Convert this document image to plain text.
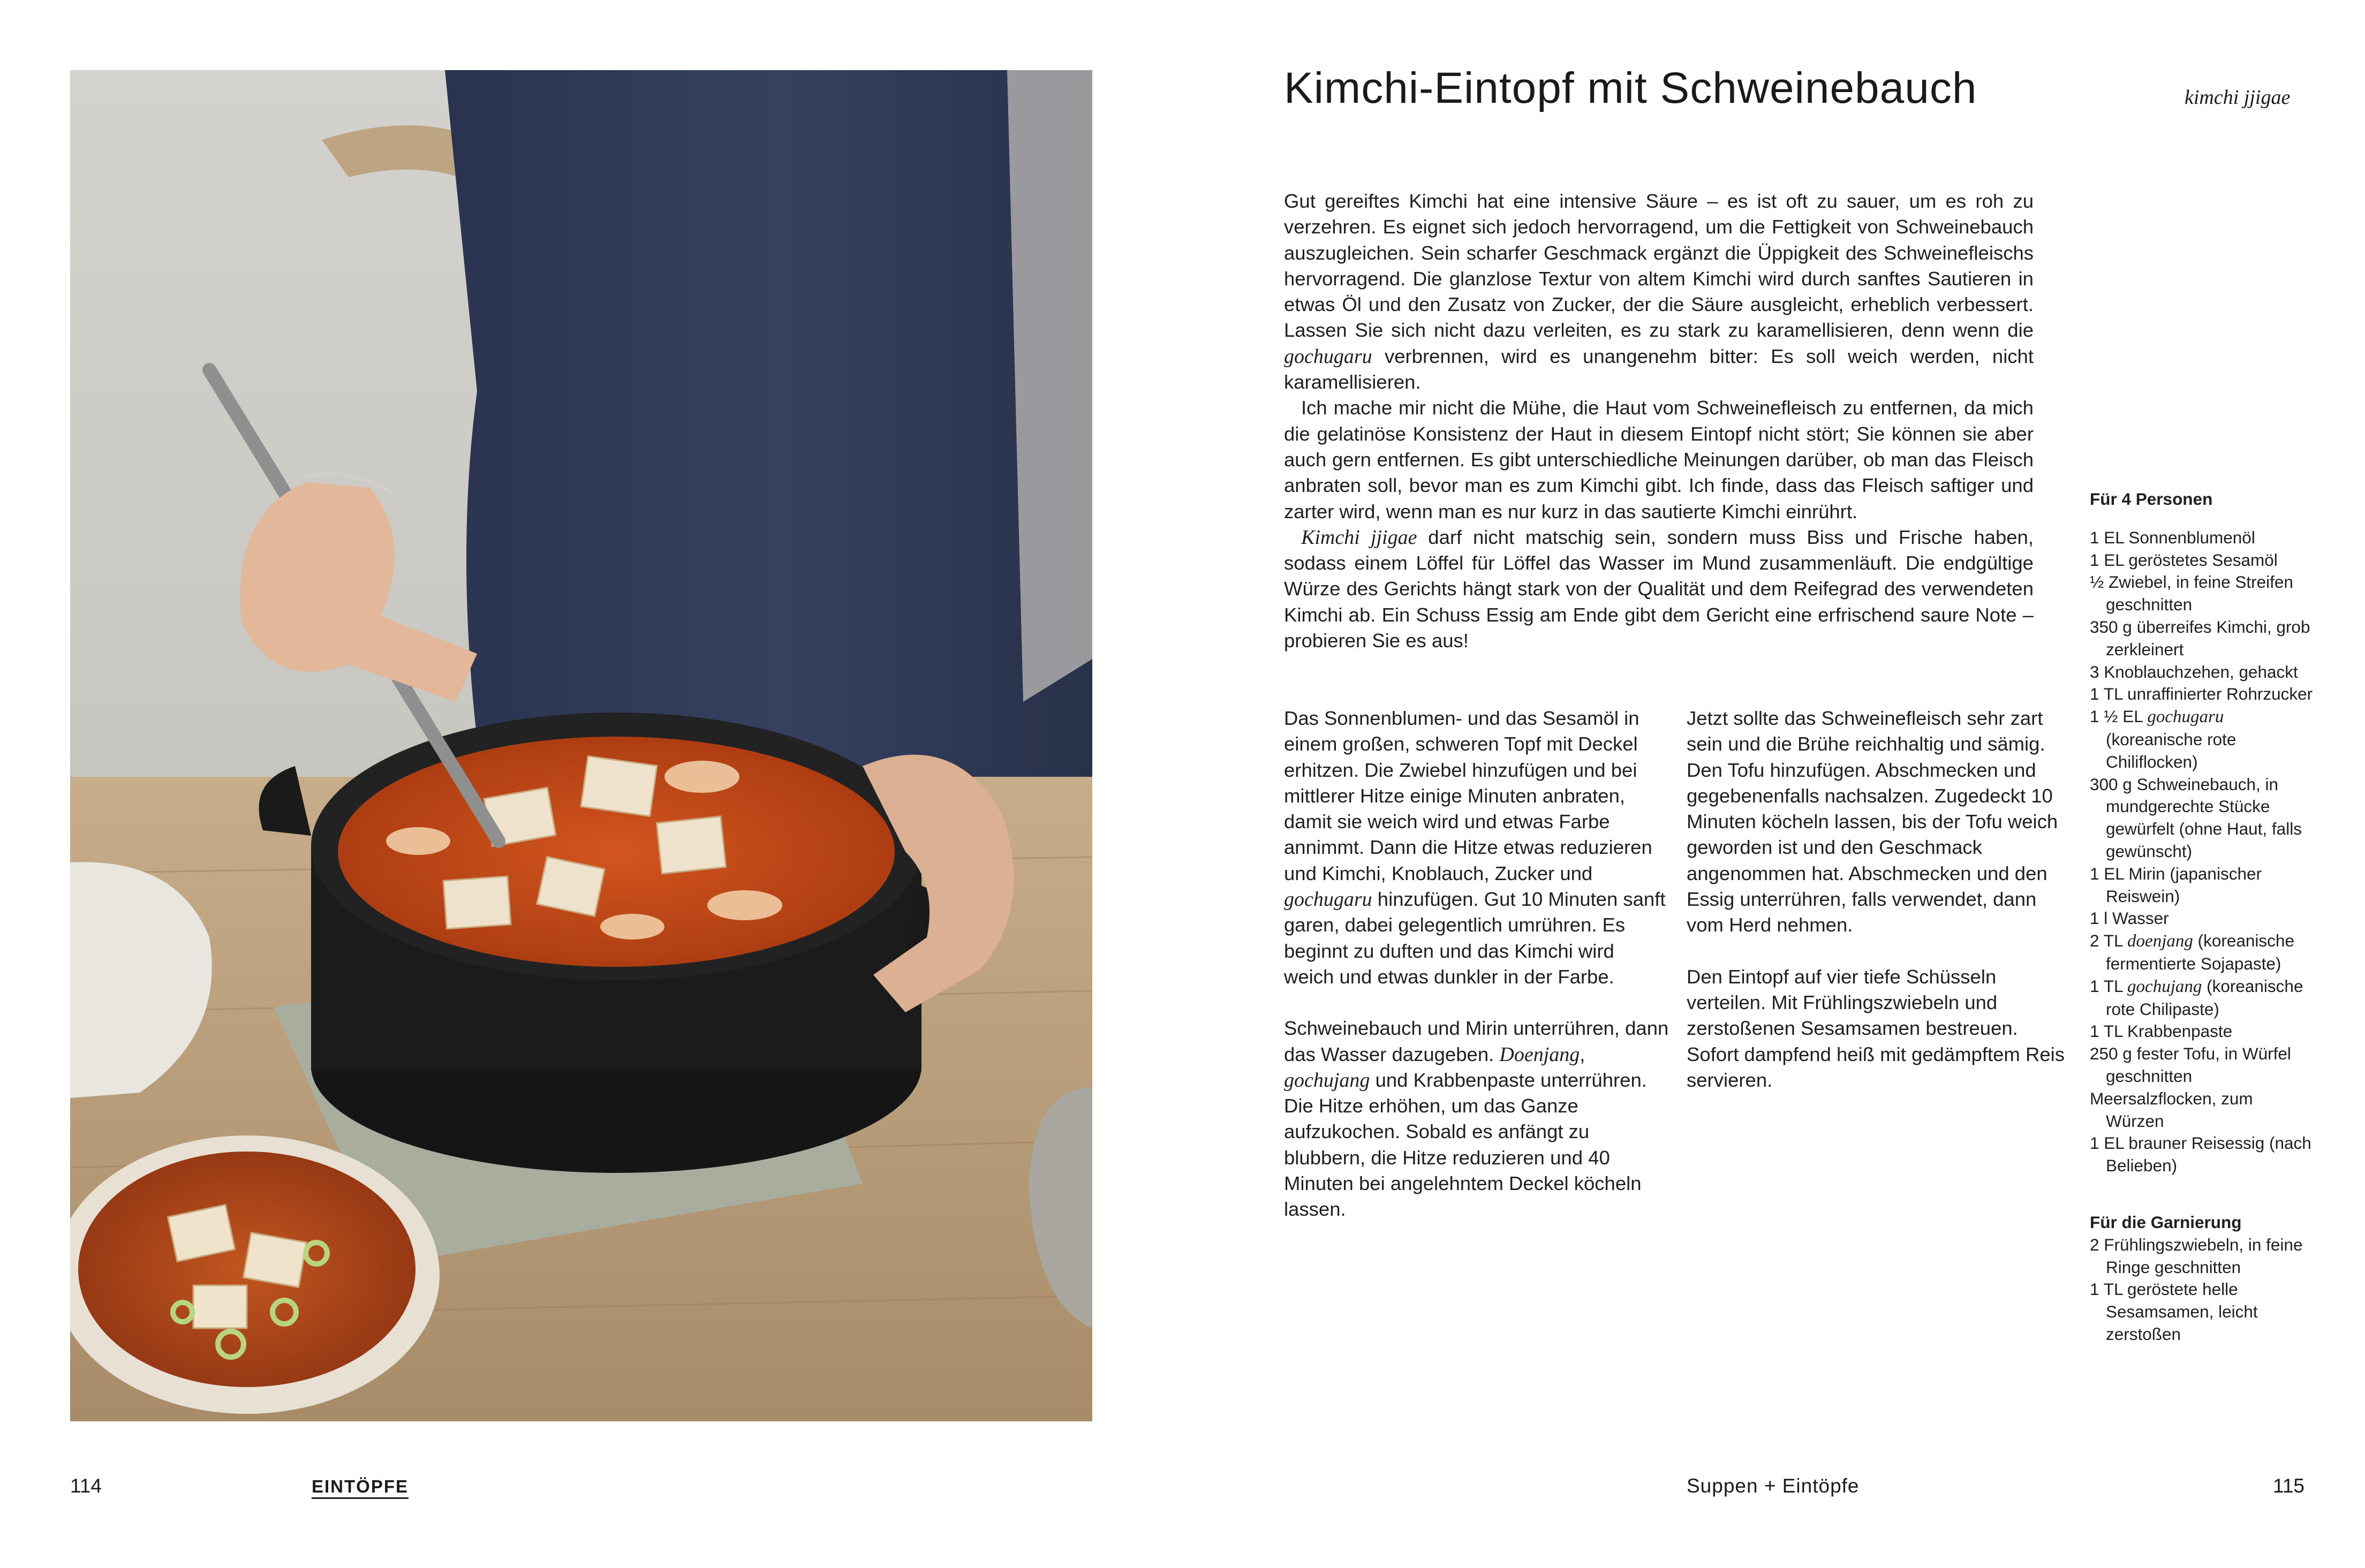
Kimchi-Eintopf mit Schweinebauch	kimchi jjigae

Gut gereiftes Kimchi hat eine intensive Säure – es ist oft zu sauer, um es roh zu verzehren. Es eignet sich jedoch hervorragend, um die Fettigkeit von Schweinebauch auszugleichen. Sein scharfer Geschmack ergänzt die Üppigkeit des Schweinefleischs hervorragend. Die glanzlose Textur von altem Kimchi wird durch sanftes Sautieren in etwas Öl und den Zusatz von Zucker, der die Säure ausgleicht, erheblich verbessert. Lassen Sie sich nicht dazu verleiten, es zu stark zu karamellisieren, denn wenn die gochugaru verbrennen, wird es unangenehm bitter: Es soll weich werden, nicht karamellisieren.

Ich mache mir nicht die Mühe, die Haut vom Schweinefleisch zu entfernen, da mich die gelatinöse Konsistenz der Haut in diesem Eintopf nicht stört; Sie können sie aber auch gern entfernen. Es gibt unterschiedliche Meinungen darüber, ob man das Fleisch anbraten soll, bevor man es zum Kimchi gibt. Ich finde, dass das Fleisch saftiger und zarter wird, wenn man es nur kurz in das sautierte Kimchi einrührt.

Kimchi jjigae darf nicht matschig sein, sondern muss Biss und Frische haben, sodass einem Löffel für Löffel das Wasser im Mund zusammenläuft. Die endgültige Würze des Gerichts hängt stark von der Qualität und dem Reifegrad des verwendeten Kimchi ab. Ein Schuss Essig am Ende gibt dem Gericht eine erfrischend saure Note – probieren Sie es aus!

Das Sonnenblumen- und das Sesamöl in einem großen, schweren Topf mit Deckel erhitzen. Die Zwiebel hinzufügen und bei mittlerer Hitze einige Minuten anbraten, damit sie weich wird und etwas Farbe annimmt. Dann die Hitze etwas reduzieren und Kimchi, Knoblauch, Zucker und gochugaru hinzufügen. Gut 10 Minuten sanft garen, dabei gelegentlich umrühren. Es beginnt zu duften und das Kimchi wird weich und etwas dunkler in der Farbe.

Schweinebauch und Mirin unterrühren, dann das Wasser dazugeben. Doenjang, gochujang und Krabbenpaste unterrühren. Die Hitze erhöhen, um das Ganze aufzukochen. Sobald es anfängt zu blubbern, die Hitze reduzieren und 40 Minuten bei angelehntem Deckel köcheln lassen.

Jetzt sollte das Schweinefleisch sehr zart sein und die Brühe reichhaltig und sämig. Den Tofu hinzufügen. Abschmecken und gegebenenfalls nachsalzen. Zugedeckt 10 Minuten köcheln lassen, bis der Tofu weich geworden ist und den Geschmack angenommen hat. Abschmecken und den Essig unterrühren, falls verwendet, dann vom Herd nehmen.

Den Eintopf auf vier tiefe Schüsseln verteilen. Mit Frühlingszwiebeln und zerstoßenen Sesamsamen bestreuen. Sofort dampfend heiß mit gedämpftem Reis servieren.

Für 4 Personen

1 EL Sonnenblumenöl
1 EL geröstetes Sesamöl
½ Zwiebel, in feine Streifen geschnitten
350 g überreifes Kimchi, grob zerkleinert
3 Knoblauchzehen, gehackt
1 TL unraffinierter Rohrzucker
1 ½ EL gochugaru (koreanische rote Chiliflocken)
300 g Schweinebauch, in mundgerechte Stücke gewürfelt (ohne Haut, falls gewünscht)
1 EL Mirin (japanischer Reiswein)
1 l Wasser
2 TL doenjang (koreanische fermentierte Sojapaste)
1 TL gochujang (koreanische rote Chilipaste)
1 TL Krabbenpaste
250 g fester Tofu, in Würfel geschnitten
Meersalzflocken, zum Würzen
1 EL brauner Reisessig (nach Belieben)

Für die Garnierung

2 Frühlingszwiebeln, in feine Ringe geschnitten
1 TL geröstete helle Sesamsamen, leicht zerstoßen
114	EINTÖPFE	Suppen + Eintöpfe	115
